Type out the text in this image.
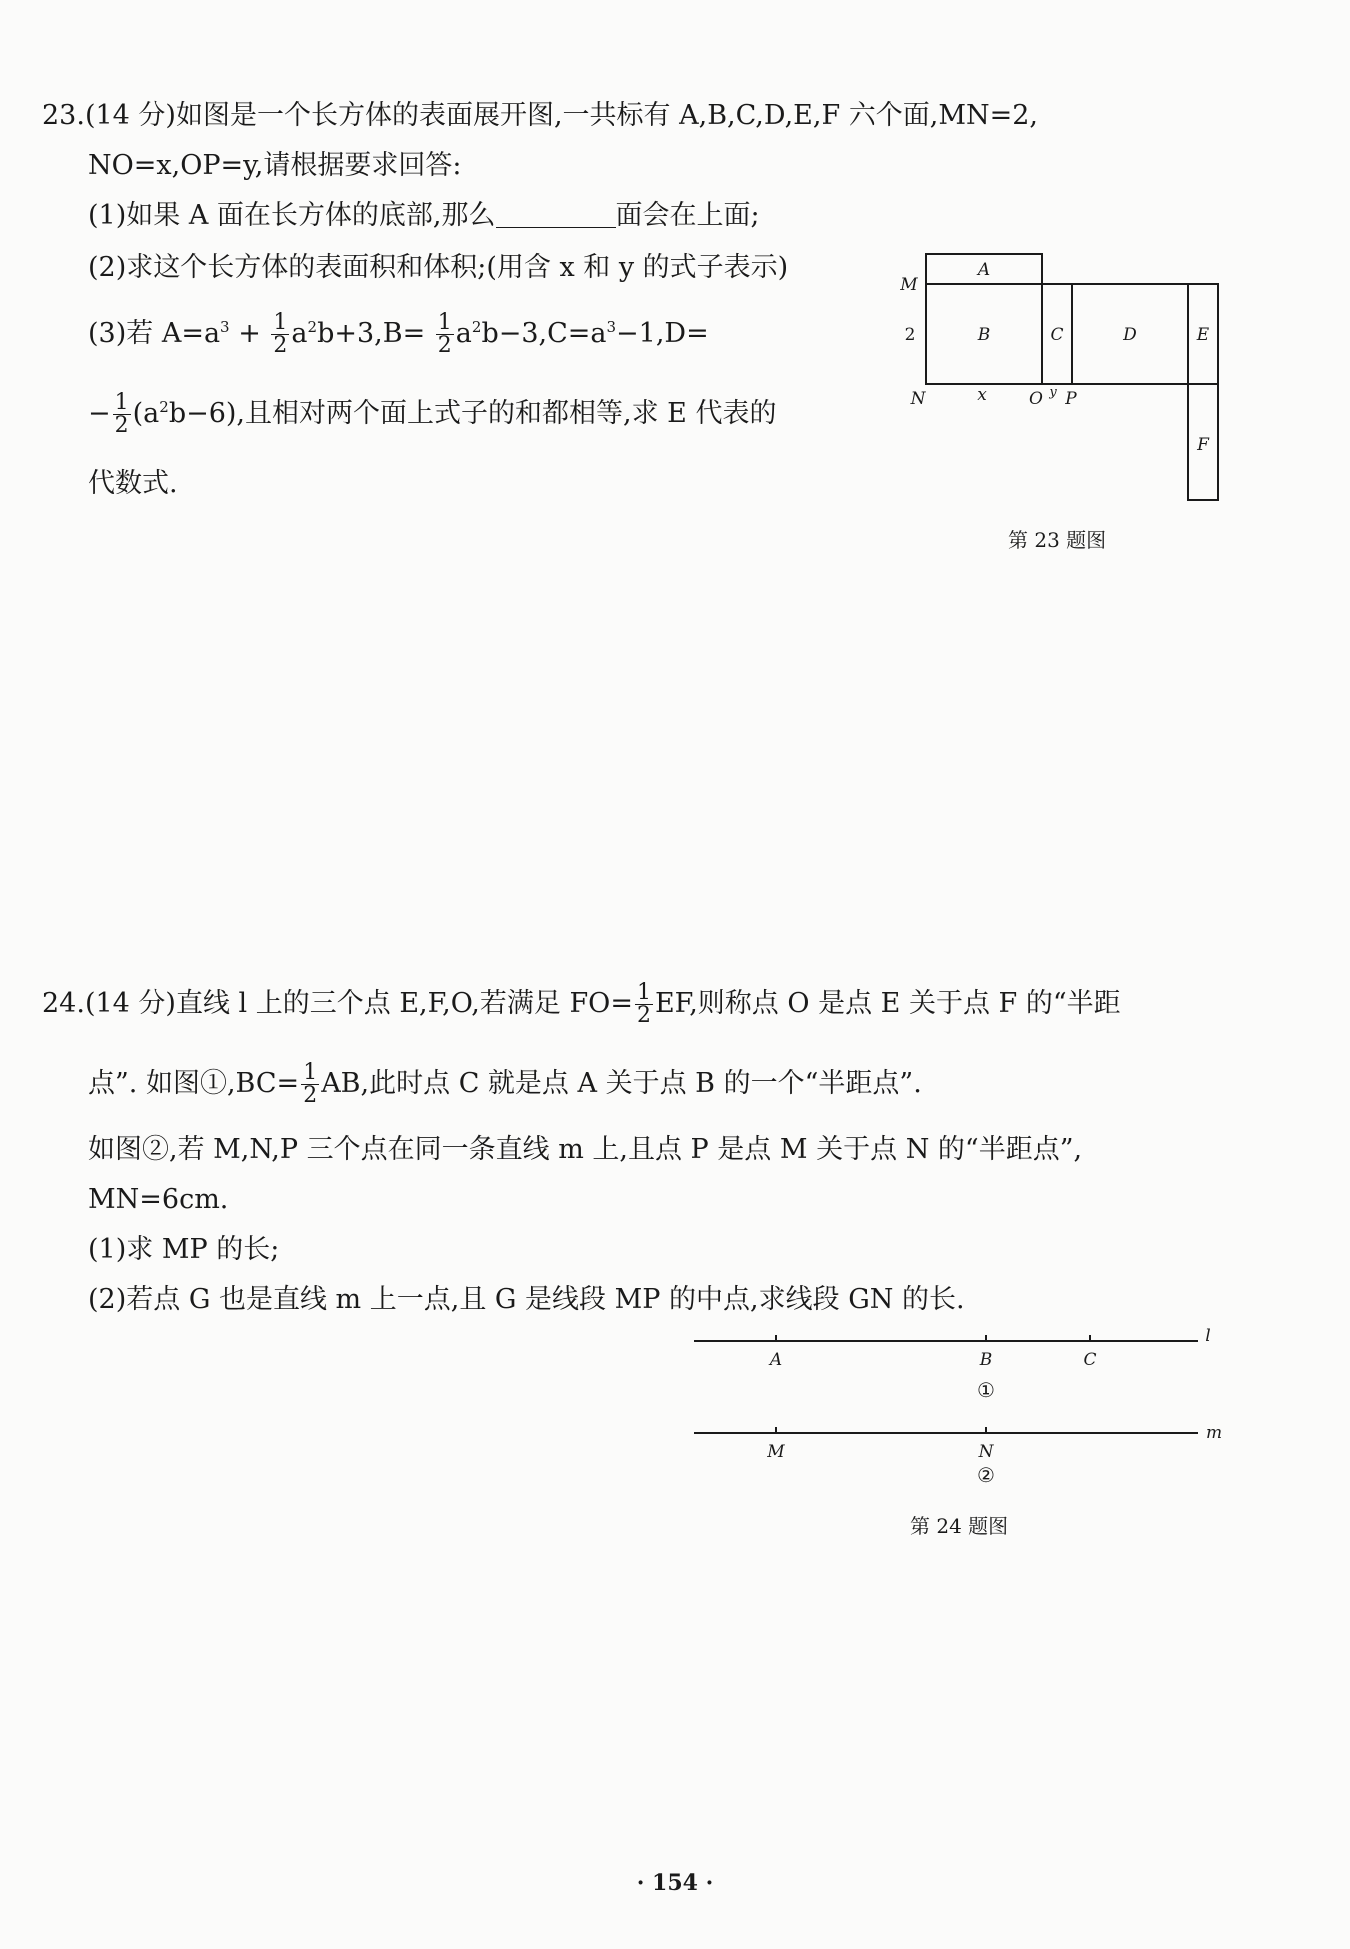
23.(14 分)如图是一个长方体的表面展开图,一共标有 A,B,C,D,E,F 六个面,MN=2,
NO=x,OP=y,请根据要求回答:
(1)如果 A 面在长方体的底部,那么	面会在上面;
(2)求这个长方体的表面积和体积;(用含 x 和 y 的式子表示)
(3)若 $A=a^3 + \frac{1}{2} a^2b+3,B= \frac{1}{2} a^2b-3,C=a^3-1,D=$
− $\frac{1}{2} (a^2b-6)$,且相对两个面上式子的和都相等,求 E 代表的
代数式.
A
B	C	D	E
F
M
N	x O y P
2
第 23 题图
24.(14 分)直线 l 上的三个点 E,F,O,若满足 $FO= \frac{1}{2}$ EF,则称点 O 是点 E 关于点 F 的“半距
点”. 如图①,BC= $\frac{1}{2}$ AB,此时点 C 就是点 A 关于点 B 的一个“半距点”.
如图②,若 M,N,P 三个点在同一条直线 m 上,且点 P 是点 M 关于点 N 的“半距点”,
MN=6cm.
(1)求 MP 的长;
(2)若点 G 也是直线 m 上一点,且 G 是线段 MP 的中点,求线段 GN 的长.
l
A	B	C
m
M	N
①
②
第 24 题图
· 154 ·
